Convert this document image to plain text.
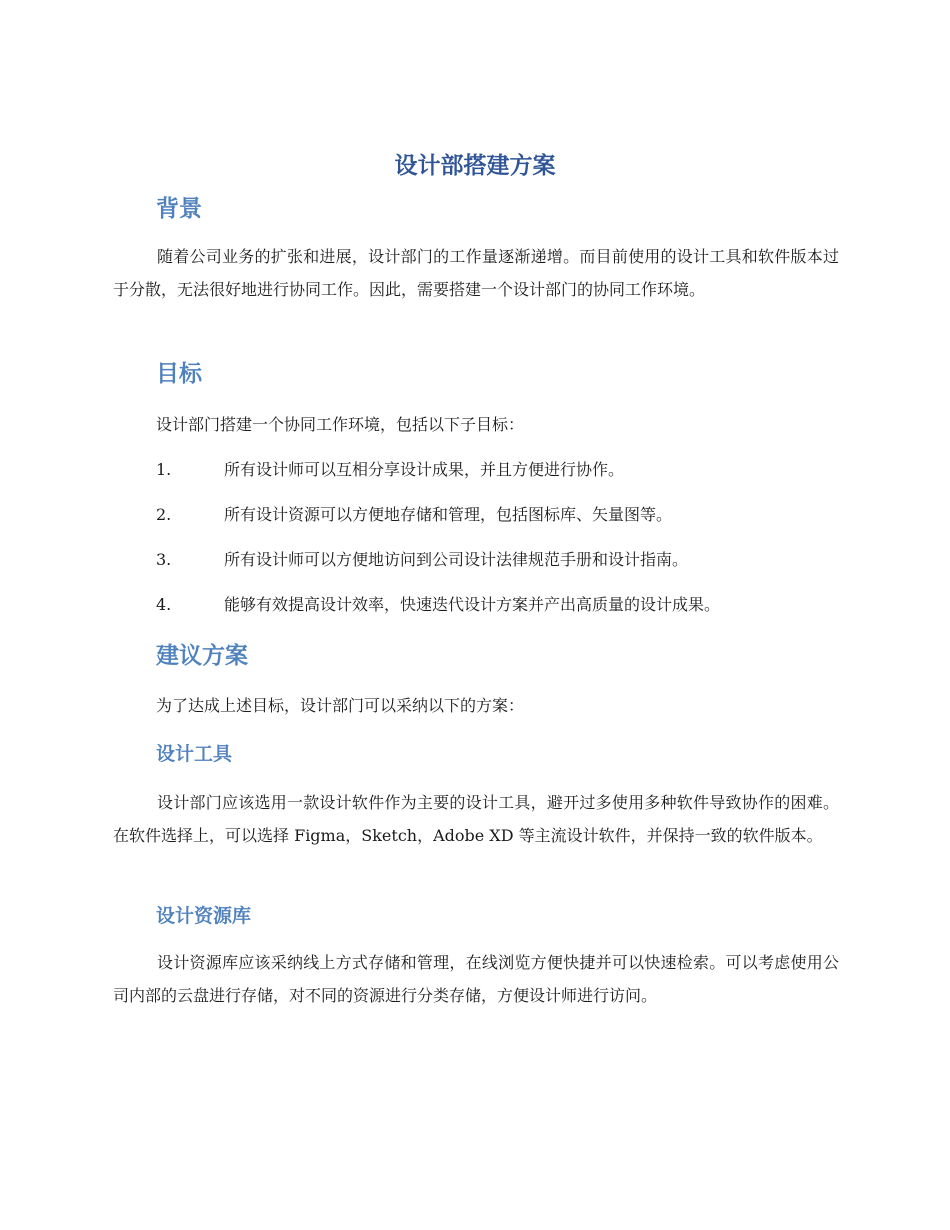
设计部搭建方案
背景

随着公司业务的扩张和进展，设计部门的工作量逐渐递增。而目前使用的设计工具和软件版本过于分散，无法很好地进行协同工作。因此，需要搭建一个设计部门的协同工作环境。

目标

设计部门搭建一个协同工作环境，包括以下子目标：

1.	所有设计师可以互相分享设计成果，并且方便进行协作。
2.	所有设计资源可以方便地存储和管理，包括图标库、矢量图等。
3.	所有设计师可以方便地访问到公司设计法律规范手册和设计指南。
4.	能够有效提高设计效率，快速迭代设计方案并产出高质量的设计成果。
建议方案

为了达成上述目标，设计部门可以采纳以下的方案：

设计工具

设计部门应该选用一款设计软件作为主要的设计工具，避开过多使用多种软件导致协作的困难。在软件选择上，可以选择 Figma，Sketch，Adobe XD 等主流设计软件，并保持一致的软件版本。

设计资源库

设计资源库应该采纳线上方式存储和管理，在线浏览方便快捷并可以快速检索。可以考虑使用公司内部的云盘进行存储，对不同的资源进行分类存储，方便设计师进行访问。
